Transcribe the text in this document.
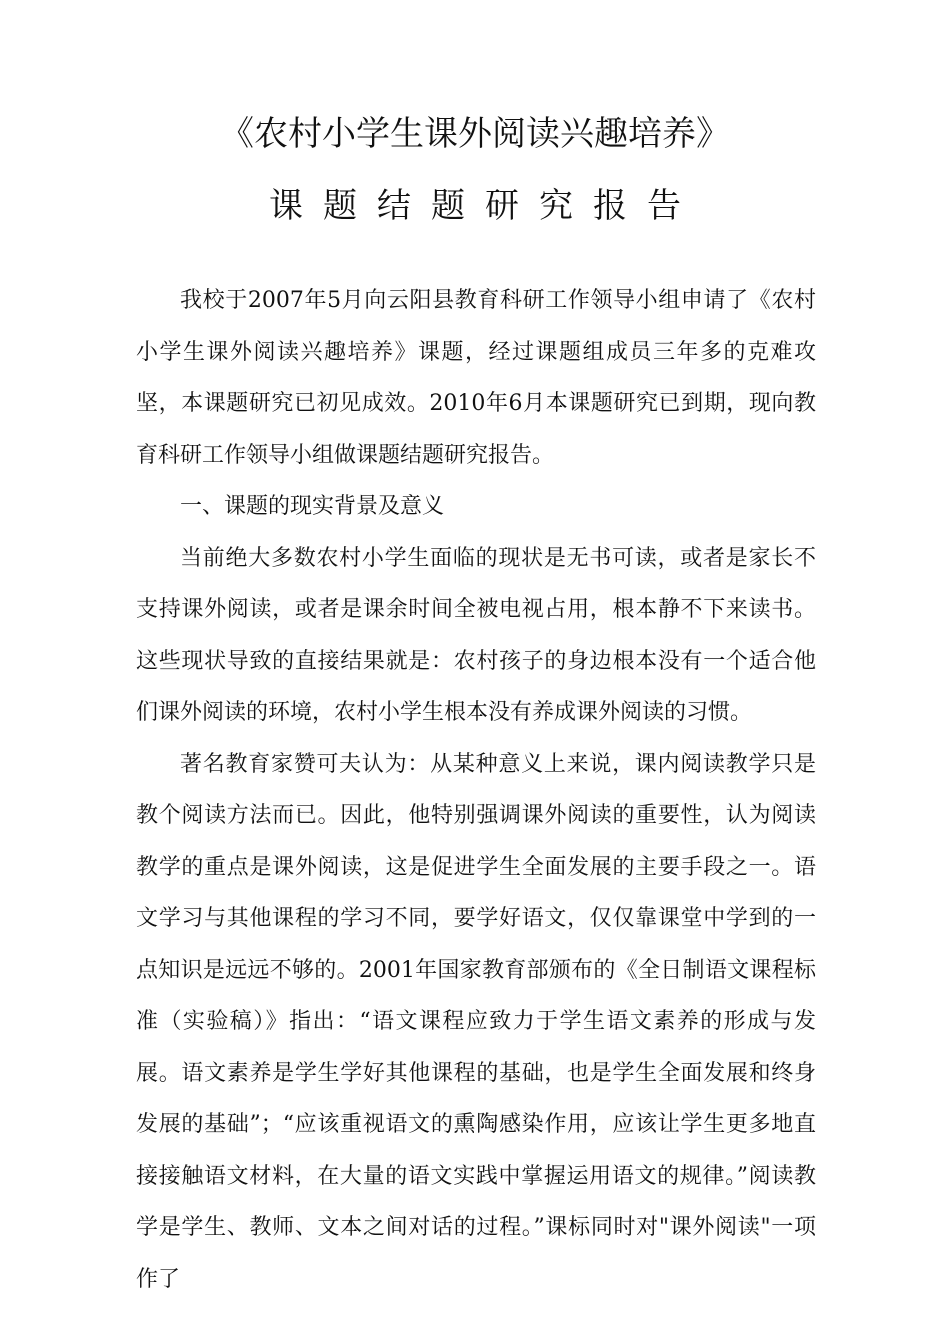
《农村小学生课外阅读兴趣培养》
课题结题研究报告

我校于2007年5月向云阳县教育科研工作领导小组申请了《农村小学生课外阅读兴趣培养》课题，经过课题组成员三年多的克难攻坚，本课题研究已初见成效。2010年6月本课题研究已到期，现向教育科研工作领导小组做课题结题研究报告。

一、课题的现实背景及意义

当前绝大多数农村小学生面临的现状是无书可读，或者是家长不支持课外阅读，或者是课余时间全被电视占用，根本静不下来读书。这些现状导致的直接结果就是：农村孩子的身边根本没有一个适合他们课外阅读的环境，农村小学生根本没有养成课外阅读的习惯。

著名教育家赞可夫认为：从某种意义上来说，课内阅读教学只是教个阅读方法而已。因此，他特别强调课外阅读的重要性，认为阅读教学的重点是课外阅读，这是促进学生全面发展的主要手段之一。语文学习与其他课程的学习不同，要学好语文，仅仅靠课堂中学到的一点知识是远远不够的。2001年国家教育部颁布的《全日制语文课程标准（实验稿）》指出：“语文课程应致力于学生语文素养的形成与发展。语文素养是学生学好其他课程的基础，也是学生全面发展和终身发展的基础”；“应该重视语文的熏陶感染作用，应该让学生更多地直接接触语文材料，在大量的语文实践中掌握运用语文的规律。”阅读教学是学生、教师、文本之间对话的过程。”课标同时对"课外阅读"一项作了
